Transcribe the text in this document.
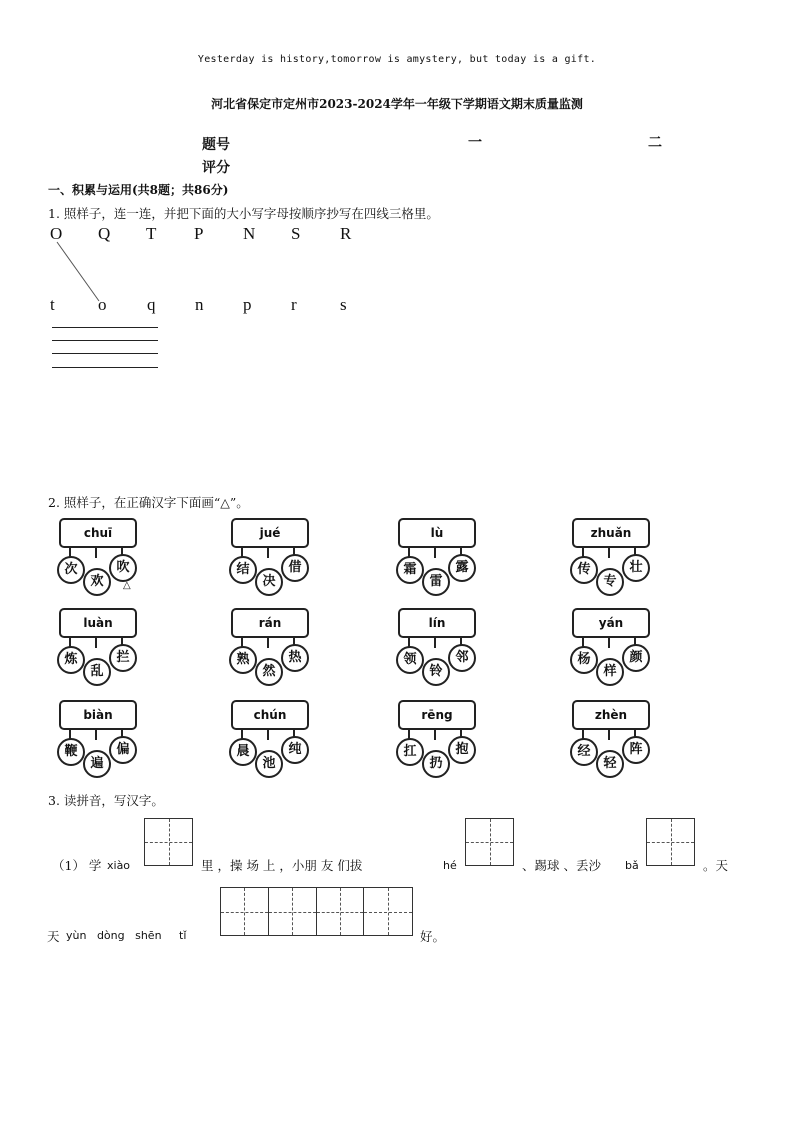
Yesterday is history,tomorrow is amystery, but today is a gift.
河北省保定市定州市2023-2024学年一年级下学期语文期末质量监测
题号	一	二
评分
一、积累与运用(共8题；共86分)
1. 照样子，连一连，并把下面的大小写字母按顺序抄写在四线三格里。
O Q T P N S R
t	o q n p r	s
2. 照样子，在正确汉字下面画“△”。
chuī
次
欢
吹
△
jué
结
决
借
lù
霜
雷
露
zhuǎn
传
专
壮
luàn
炼
乱
拦
rán
熟
然
热
lín
领
铃
邻
yán
杨
样
颜
biàn
鞭
遍
偏
chún
晨
池
纯
rēng
扛
扔
抱
zhèn
经
轻
阵
3. 读拼音，写汉字。
（1） 学 xiào	里 ，操 场 上 ，小朋 友 们拔	hé	、踢球 、丢沙 bǎ	。天
天 yùn   dòng   shēn     tǐ	好。
